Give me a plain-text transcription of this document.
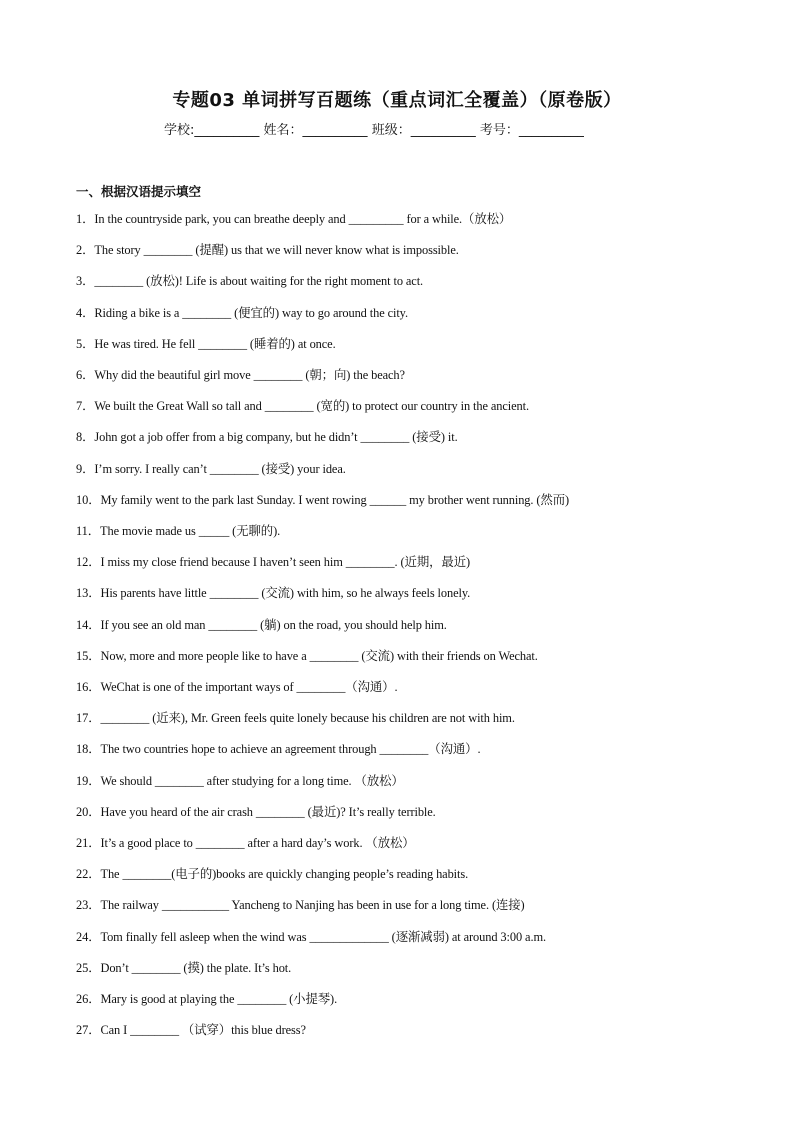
专题03 单词拼写百题练（重点词汇全覆盖）（原卷版）
学校:__________ 姓名：__________ 班级：__________ 考号：__________
一、根据汉语提示填空
1．In the countryside park, you can breathe deeply and _________ for a while.（放松）
2．The story ________ (提醒) us that we will never know what is impossible.
3．________ (放松)! Life is about waiting for the right moment to act.
4．Riding a bike is a ________ (便宜的) way to go around the city.
5．He was tired. He fell ________ (睡着的) at once.
6．Why did the beautiful girl move ________ (朝；向) the beach?
7．We built the Great Wall so tall and ________ (宽的) to protect our country in the ancient.
8．John got a job offer from a big company, but he didn’t ________ (接受) it.
9．I’m sorry. I really can’t ________ (接受) your idea.
10．My family went to the park last Sunday. I went rowing ______ my brother went running. (然而)
11．The movie made us _____ (无聊的).
12．I miss my close friend because I haven’t seen him ________. (近期，最近)
13．His parents have little ________ (交流) with him, so he always feels lonely.
14．If you see an old man ________ (躺) on the road, you should help him.
15．Now, more and more people like to have a ________ (交流) with their friends on Wechat.
16．WeChat is one of the important ways of ________（沟通）.
17．________ (近来), Mr. Green feels quite lonely because his children are not with him.
18．The two countries hope to achieve an agreement through ________（沟通）.
19．We should ________ after studying for a long time. （放松）
20．Have you heard of the air crash ________ (最近)? It’s really terrible.
21．It’s a good place to ________ after a hard day’s work. （放松）
22．The ________(电子的)books are quickly changing people’s reading habits.
23．The railway ___________ Yancheng to Nanjing has been in use for a long time. (连接)
24．Tom finally fell asleep when the wind was _____________ (逐渐减弱) at around 3:00 a.m.
25．Don’t ________ (摸) the plate. It’s hot.
26．Mary is good at playing the ________ (小提琴).
27．Can I ________ （试穿）this blue dress?
